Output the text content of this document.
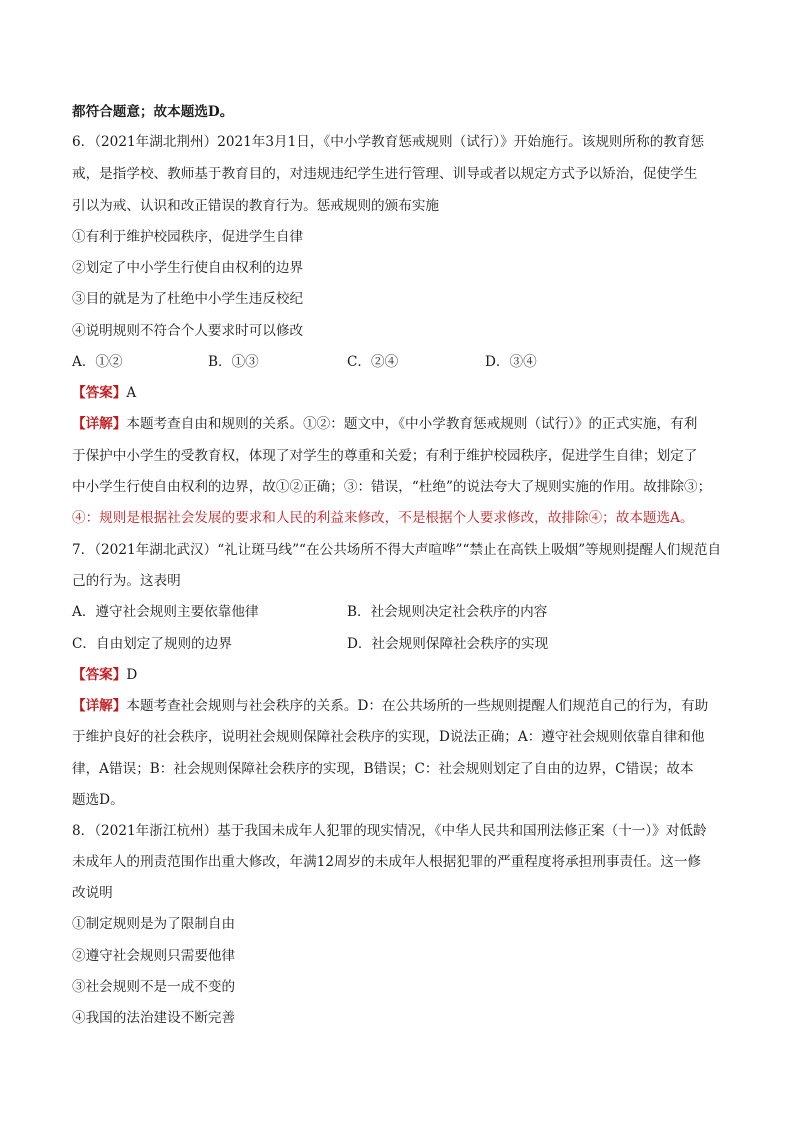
都符合题意；故本题选D。
6．（2021年湖北荆州）2021年3月1日，《中小学教育惩戒规则（试行）》开始施行。该规则所称的教育惩
戒，是指学校、教师基于教育目的，对违规违纪学生进行管理、训导或者以规定方式予以矫治，促使学生
引以为戒、认识和改正错误的教育行为。惩戒规则的颁布实施
①有利于维护校园秩序，促进学生自律
②划定了中小学生行使自由权利的边界
③目的就是为了杜绝中小学生违反校纪
④说明规则不符合个人要求时可以修改
A．①②	B．①③	C．②④	D．③④
【答案】A
【详解】本题考查自由和规则的关系。①②：题文中，《中小学教育惩戒规则（试行）》的正式实施，有利
于保护中小学生的受教育权，体现了对学生的尊重和关爱；有利于维护校园秩序，促进学生自律；划定了
中小学生行使自由权利的边界，故①②正确；③：错误，“杜绝”的说法夸大了规则实施的作用。故排除③；
④：规则是根据社会发展的要求和人民的利益来修改，不是根据个人要求修改，故排除④；故本题选A。
7．（2021年湖北武汉）“礼让斑马线”“在公共场所不得大声喧哗”“禁止在高铁上吸烟”等规则提醒人们规范自
己的行为。这表明
A．遵守社会规则主要依靠他律	B．社会规则决定社会秩序的内容
C．自由划定了规则的边界	D．社会规则保障社会秩序的实现
【答案】D
【详解】本题考查社会规则与社会秩序的关系。D：在公共场所的一些规则提醒人们规范自己的行为，有助
于维护良好的社会秩序，说明社会规则保障社会秩序的实现，D说法正确；A：遵守社会规则依靠自律和他
律，A错误；B：社会规则保障社会秩序的实现，B错误；C：社会规则划定了自由的边界，C错误；故本
题选D。
8．（2021年浙江杭州）基于我国未成年人犯罪的现实情况，《中华人民共和国刑法修正案（十一）》对低龄
未成年人的刑责范围作出重大修改，年满12周岁的未成年人根据犯罪的严重程度将承担刑事责任。这一修
改说明
①制定规则是为了限制自由
②遵守社会规则只需要他律
③社会规则不是一成不变的
④我国的法治建设不断完善
